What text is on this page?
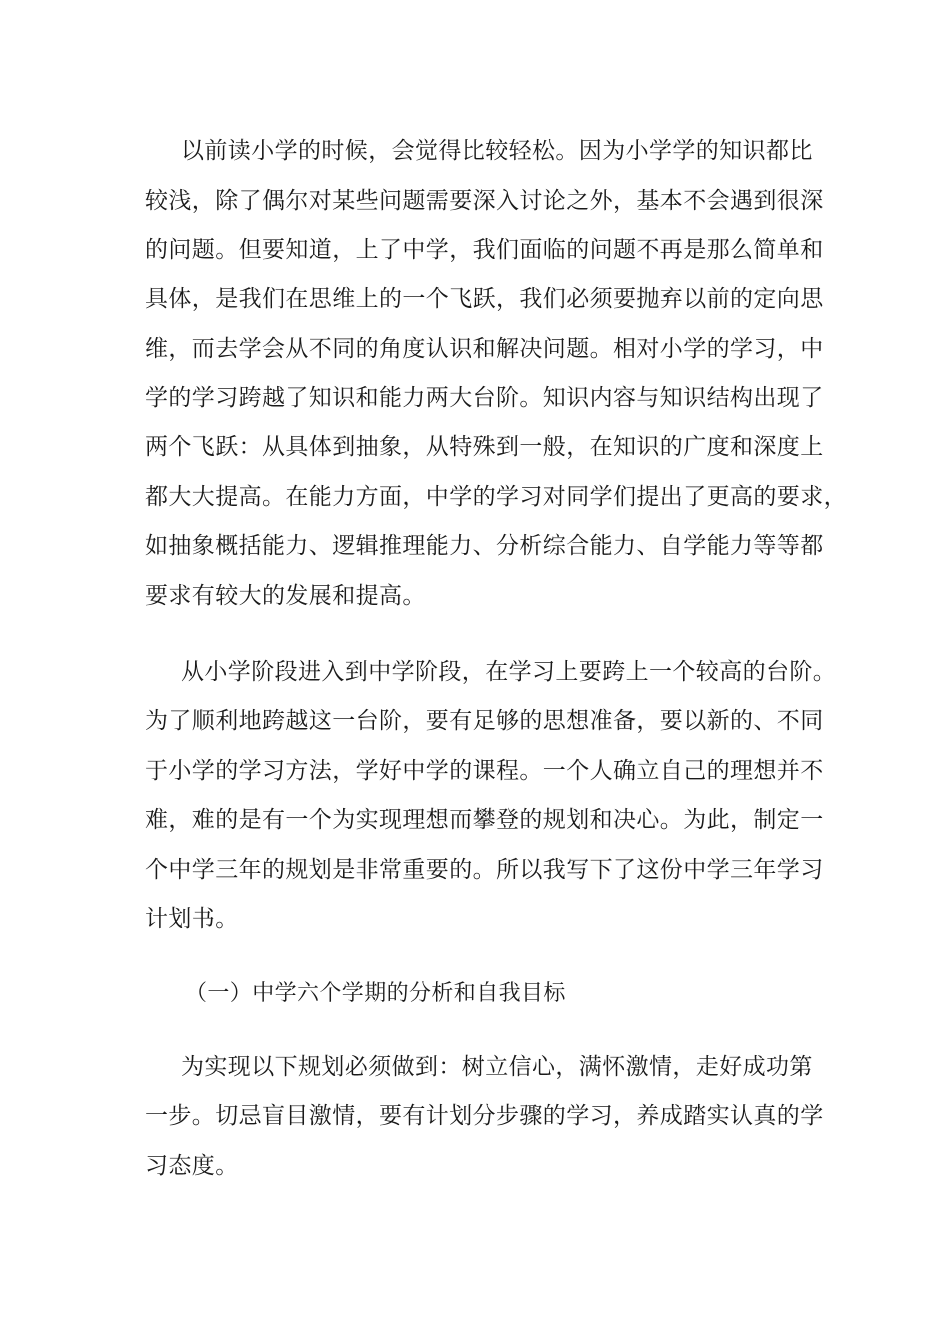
以前读小学的时候，会觉得比较轻松。因为小学学的知识都比

较浅，除了偶尔对某些问题需要深入讨论之外，基本不会遇到很深

的问题。但要知道，上了中学，我们面临的问题不再是那么简单和

具体，是我们在思维上的一个飞跃，我们必须要抛弃以前的定向思

维，而去学会从不同的角度认识和解决问题。相对小学的学习，中

学的学习跨越了知识和能力两大台阶。知识内容与知识结构出现了

两个飞跃：从具体到抽象，从特殊到一般，在知识的广度和深度上

都大大提高。在能力方面，中学的学习对同学们提出了更高的要求，

如抽象概括能力、逻辑推理能力、分析综合能力、自学能力等等都

要求有较大的发展和提高。

从小学阶段进入到中学阶段，在学习上要跨上一个较高的台阶。

为了顺利地跨越这一台阶，要有足够的思想准备，要以新的、不同

于小学的学习方法，学好中学的课程。一个人确立自己的理想并不

难，难的是有一个为实现理想而攀登的规划和决心。为此，制定一

个中学三年的规划是非常重要的。所以我写下了这份中学三年学习

计划书。

（一）中学六个学期的分析和自我目标

为实现以下规划必须做到：树立信心，满怀激情，走好成功第

一步。切忌盲目激情，要有计划分步骤的学习，养成踏实认真的学

习态度。
